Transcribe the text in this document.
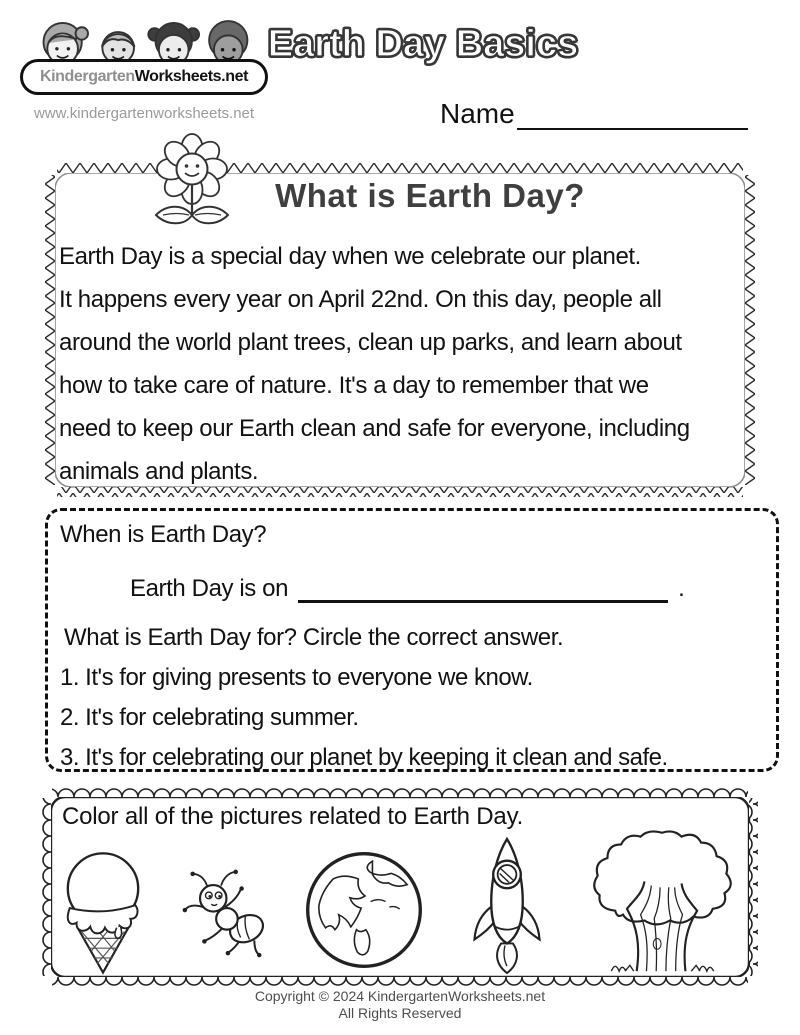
KindergartenWorksheets.net
www.kindergartenworksheets.net
Earth Day Basics
Name
What is Earth Day?
Earth Day is a special day when we celebrate our planet.
It happens every year on April 22nd. On this day, people all
around the world plant trees, clean up parks, and learn about
how to take care of nature. It's a day to remember that we
need to keep our Earth clean and safe for everyone, including
animals and plants.
When is Earth Day?
Earth Day is on	.
What is Earth Day for? Circle the correct answer.
1. It's for giving presents to everyone we know.
2. It's for celebrating summer.
3. It's for celebrating our planet by keeping it clean and safe.
Color all of the pictures related to Earth Day.
Copyright © 2024 KindergartenWorksheets.net
All Rights Reserved
